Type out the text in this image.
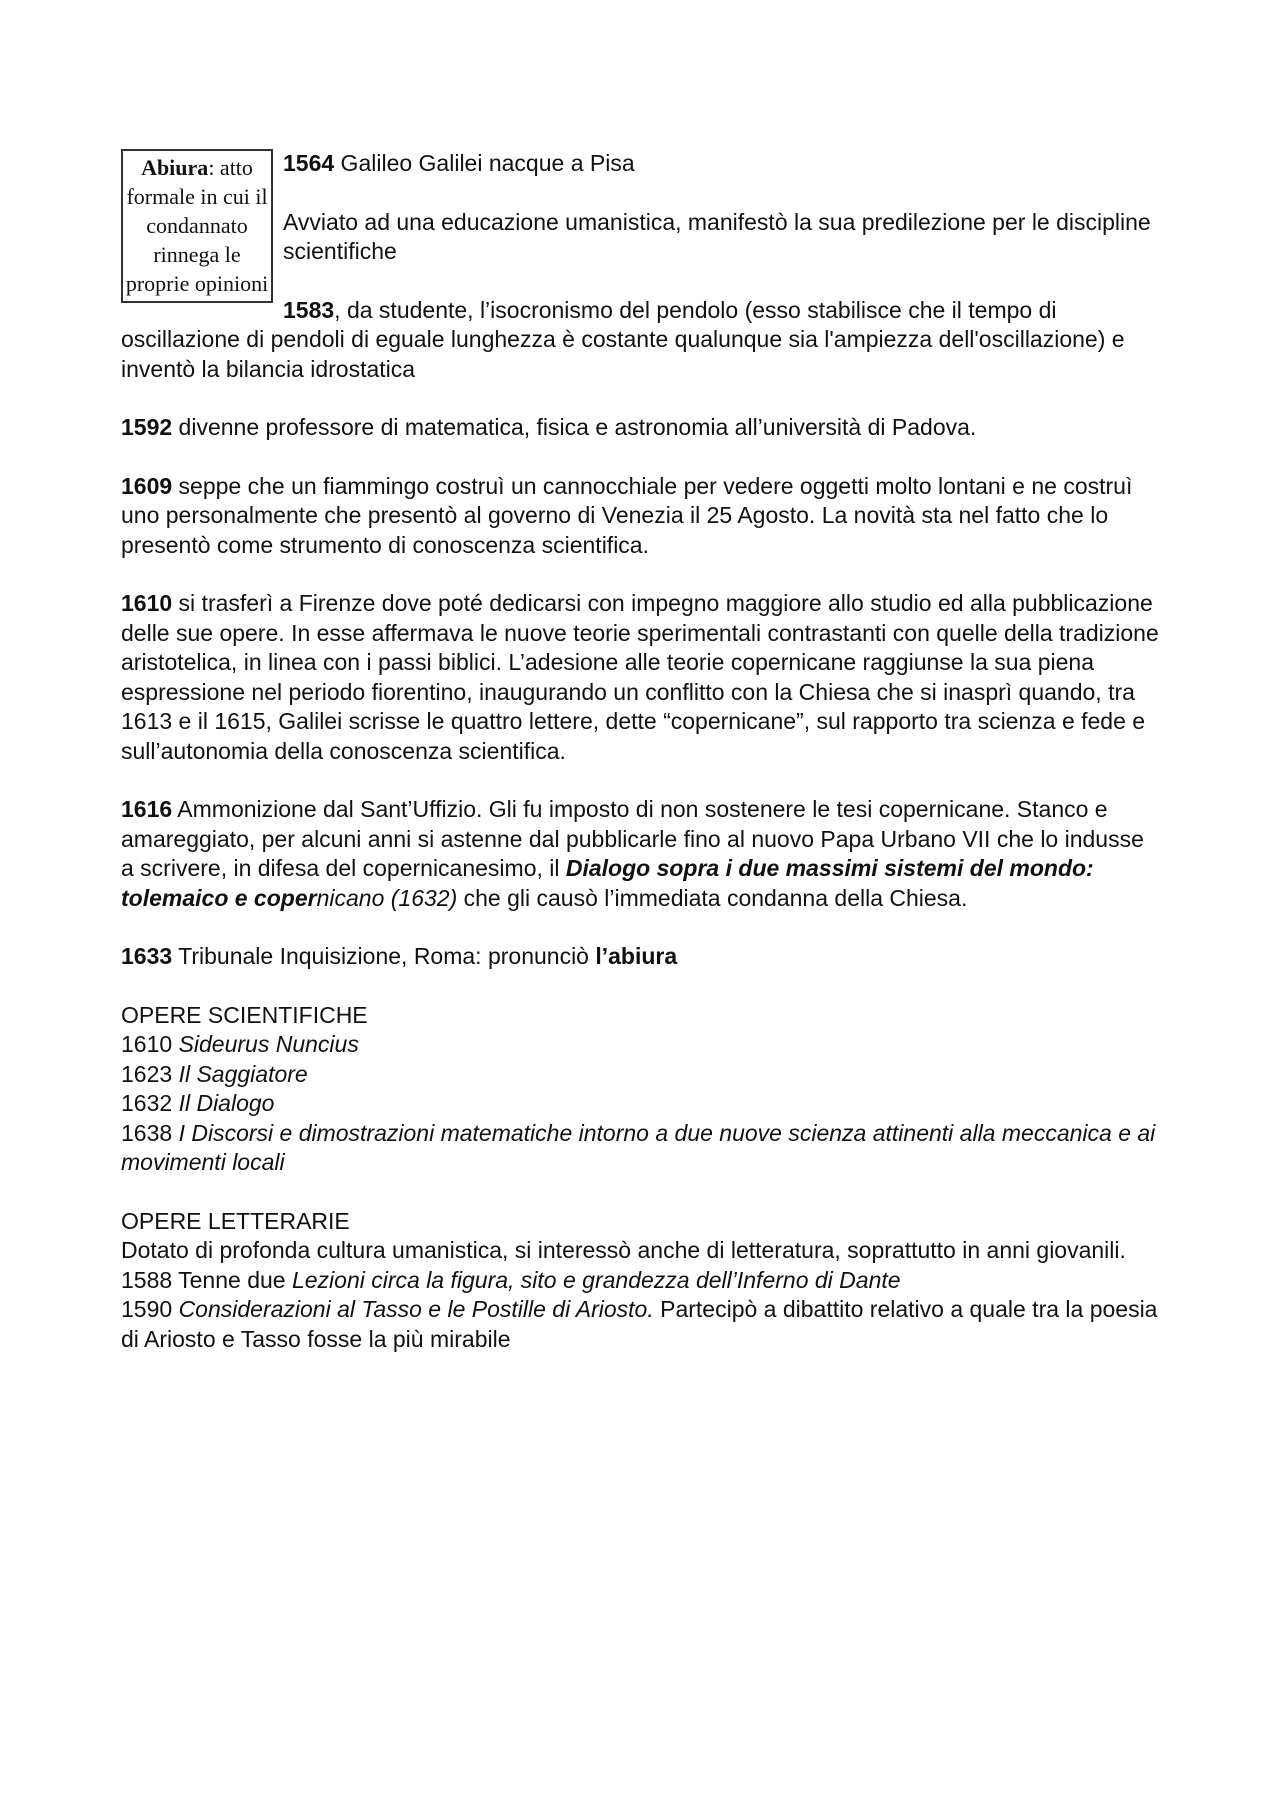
Abiura: atto formale in cui il condannato rinnega le proprie opinioni

1564 Galileo Galilei nacque a Pisa

Avviato ad una educazione umanistica, manifestò la sua predilezione per le discipline scientifiche

1583, da studente, l’isocronismo del pendolo (esso stabilisce che il tempo di oscillazione di pendoli di eguale lunghezza è costante qualunque sia l'ampiezza dell'oscillazione) e inventò la bilancia idrostatica

1592 divenne professore di matematica, fisica e astronomia all’università di Padova.

1609 seppe che un fiammingo costruì un cannocchiale per vedere oggetti molto lontani e ne costruì uno personalmente che presentò al governo di Venezia il 25 Agosto. La novità sta nel fatto che lo presentò come strumento di conoscenza scientifica.

1610 si trasferì a Firenze dove poté dedicarsi con impegno maggiore allo studio ed alla pubblicazione delle sue opere. In esse affermava le nuove teorie sperimentali contrastanti con quelle della tradizione aristotelica, in linea con i passi biblici. L’adesione alle teorie copernicane raggiunse la sua piena espressione nel periodo fiorentino, inaugurando un conflitto con la Chiesa che si inasprì quando, tra 1613 e il 1615, Galilei scrisse le quattro lettere, dette “copernicane”, sul rapporto tra scienza e fede e sull’autonomia della conoscenza scientifica.

1616 Ammonizione dal Sant’Uffizio. Gli fu imposto di non sostenere le tesi copernicane. Stanco e amareggiato, per alcuni anni si astenne dal pubblicarle fino al nuovo Papa Urbano VII che lo indusse a scrivere, in difesa del copernicanesimo, il Dialogo sopra i due massimi sistemi del mondo: tolemaico e copernicano (1632) che gli causò l’immediata condanna della Chiesa.

1633 Tribunale Inquisizione, Roma: pronunciò l’abiura

OPERE SCIENTIFICHE

1610 Sideurus Nuncius

1623 Il Saggiatore

1632 Il Dialogo

1638 I Discorsi e dimostrazioni matematiche intorno a due nuove scienza attinenti alla meccanica e ai movimenti locali

OPERE LETTERARIE

Dotato di profonda cultura umanistica, si interessò anche di letteratura, soprattutto in anni giovanili.

1588 Tenne due Lezioni circa la figura, sito e grandezza dell’Inferno di Dante

1590 Considerazioni al Tasso e le Postille di Ariosto. Partecipò a dibattito relativo a quale tra la poesia di Ariosto e Tasso fosse la più mirabile
